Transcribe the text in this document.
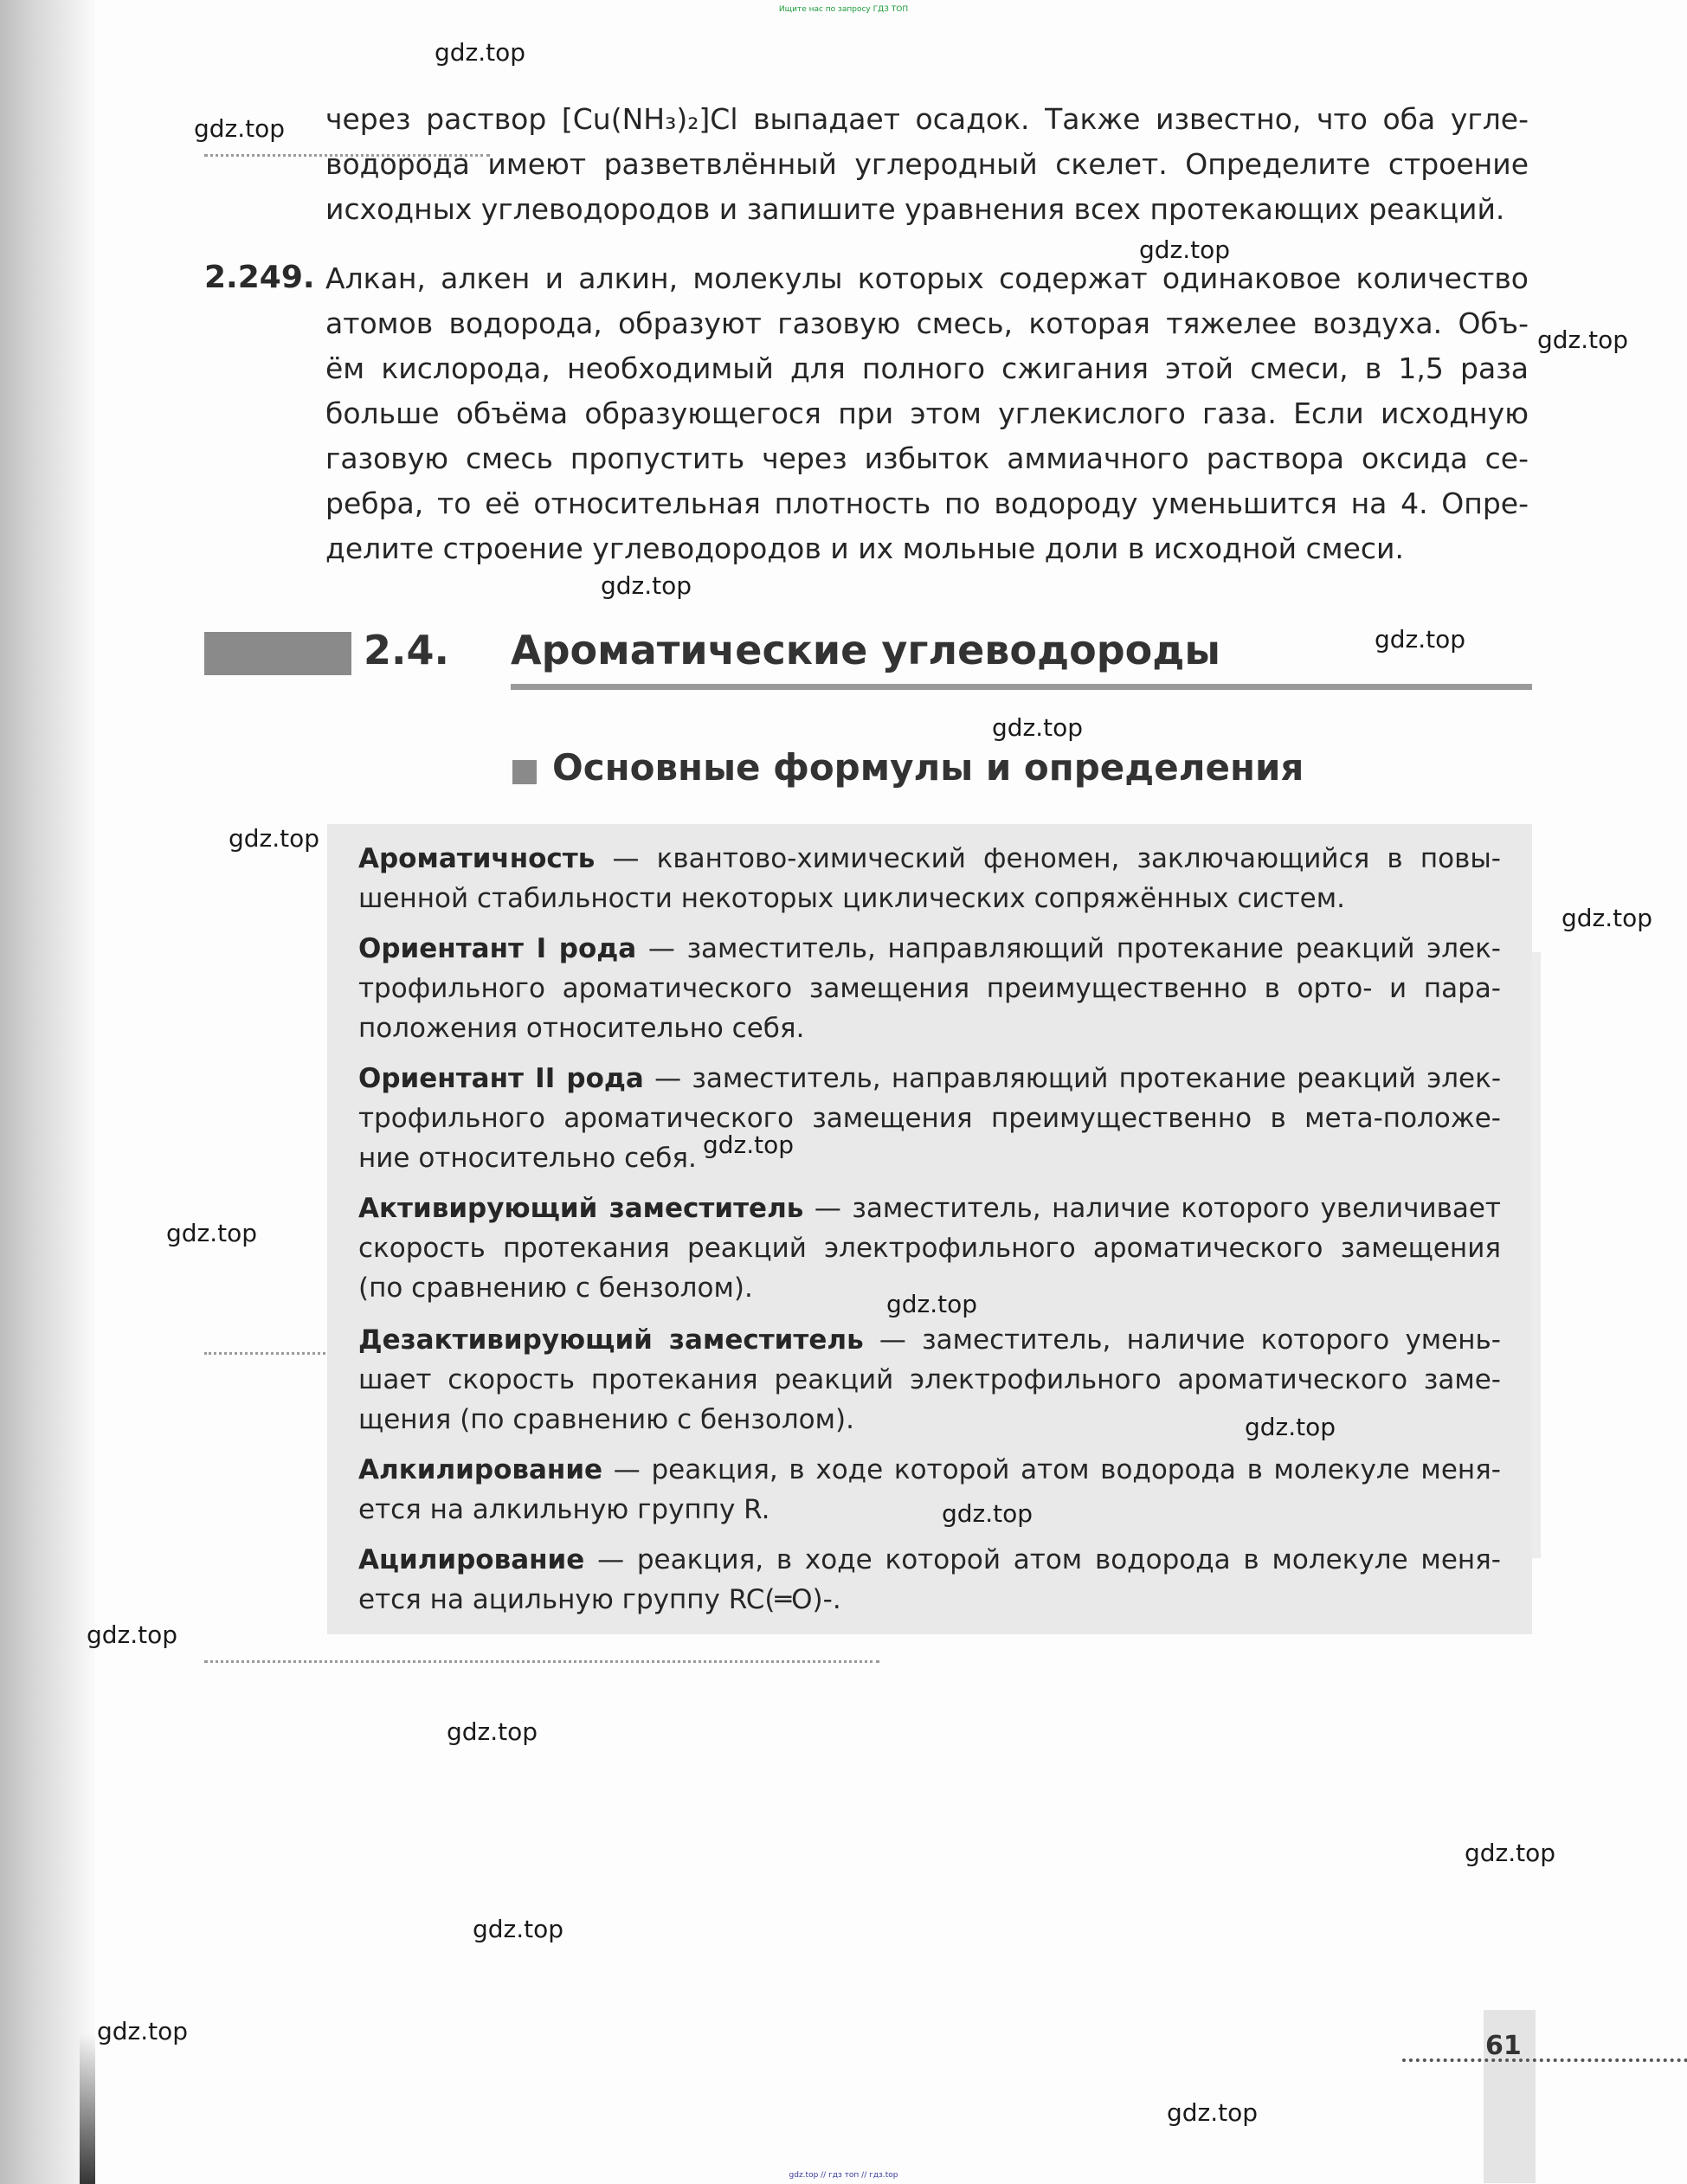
Ищите нас по запросу ГДЗ ТОП
gdz.top // гдз топ // гдз.top
через раствор [Cu(NH₃)₂]Cl выпадает осадок. Также известно, что оба угле-
водорода имеют разветвлённый углеродный скелет. Определите строение
исходных углеводородов и запишите уравнения всех протекающих реакций.
2.249. Алкан, алкен и алкин, молекулы которых содержат одинаковое количество
атомов водорода, образуют газовую смесь, которая тяжелее воздуха. Объ-
ём кислорода, необходимый для полного сжигания этой смеси, в 1,5 раза
больше объёма образующегося при этом углекислого газа. Если исходную
газовую смесь пропустить через избыток аммиачного раствора оксида се-
ребра, то её относительная плотность по водороду уменьшится на 4. Опре-
делите строение углеводородов и их мольные доли в исходной смеси.
2.4. Ароматические углеводороды
Основные формулы и определения
Ароматичность — квантово-химический феномен, заключающийся в повы-
шенной стабильности некоторых циклических сопряжённых систем.
Ориентант I рода — заместитель, направляющий протекание реакций элек-
трофильного ароматического замещения преимущественно в орто- и пара-
положения относительно себя.
Ориентант II рода — заместитель, направляющий протекание реакций элек-
трофильного ароматического замещения преимущественно в мета-положе-
ние относительно себя.
Активирующий заместитель — заместитель, наличие которого увеличивает
скорость протекания реакций электрофильного ароматического замещения
(по сравнению с бензолом).
Дезактивирующий заместитель — заместитель, наличие которого умень-
шает скорость протекания реакций электрофильного ароматического заме-
щения (по сравнению с бензолом).
Алкилирование — реакция, в ходе которой атом водорода в молекуле меня-
ется на алкильную группу R.
Ацилирование — реакция, в ходе которой атом водорода в молекуле меня-
ется на ацильную группу RC(═O)-.
61
gdz.top
gdz.top
gdz.top
gdz.top
gdz.top
gdz.top
gdz.top
gdz.top
gdz.top
gdz.top
gdz.top
gdz.top
gdz.top
gdz.top
gdz.top
gdz.top
gdz.top
gdz.top
gdz.top
gdz.top
